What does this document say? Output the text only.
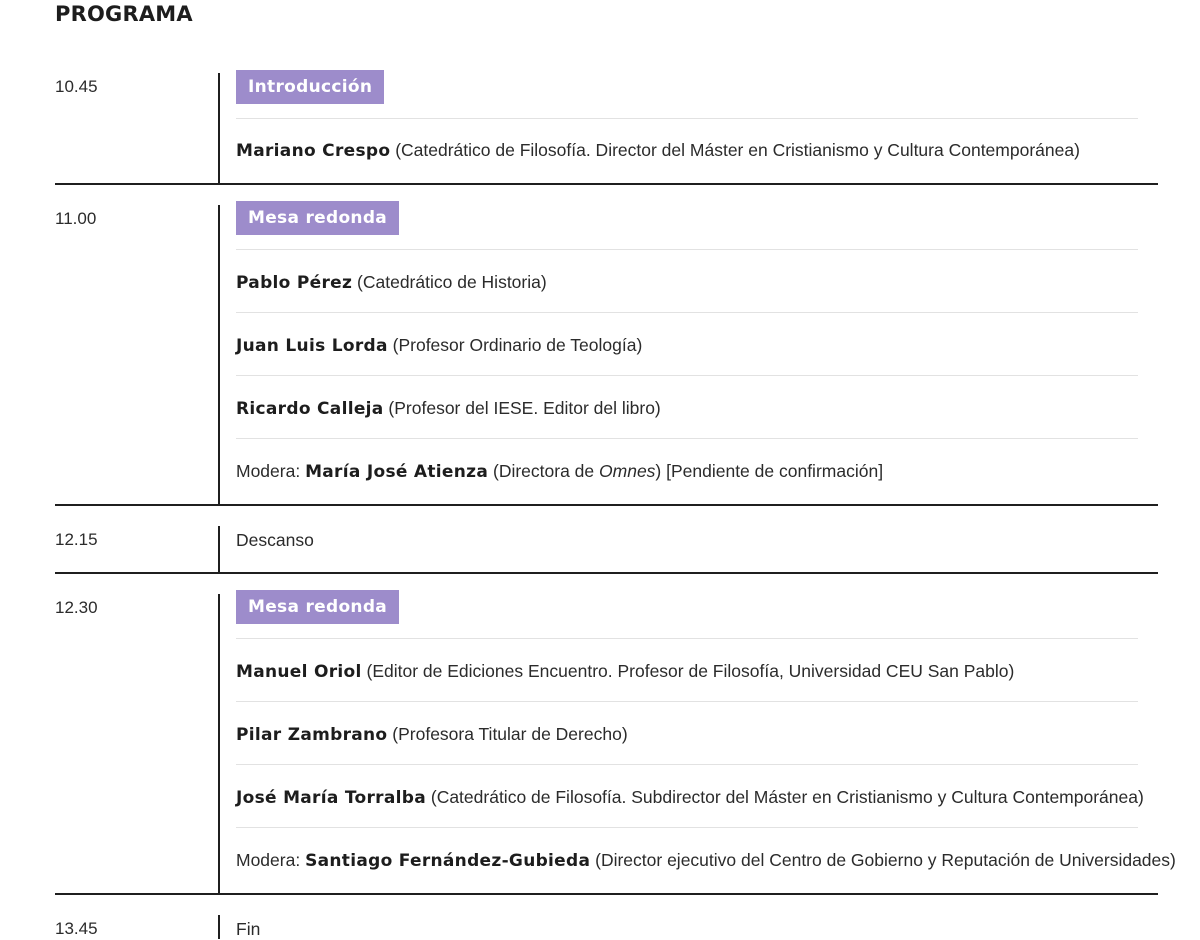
PROGRAMA
10.45	Introducción
Mariano Crespo (Catedrático de Filosofía. Director del Máster en Cristianismo y Cultura Contemporánea)
11.00	Mesa redonda
Pablo Pérez (Catedrático de Historia)
Juan Luis Lorda (Profesor Ordinario de Teología)
Ricardo Calleja (Profesor del IESE. Editor del libro)
Modera: María José Atienza (Directora de Omnes) [Pendiente de confirmación]
12.15	Descanso
12.30	Mesa redonda
Manuel Oriol (Editor de Ediciones Encuentro. Profesor de Filosofía, Universidad CEU San Pablo)
Pilar Zambrano (Profesora Titular de Derecho)
José María Torralba (Catedrático de Filosofía. Subdirector del Máster en Cristianismo y Cultura Contemporánea)
Modera: Santiago Fernández-Gubieda (Director ejecutivo del Centro de Gobierno y Reputación de Universidades)
13.45	Fin
